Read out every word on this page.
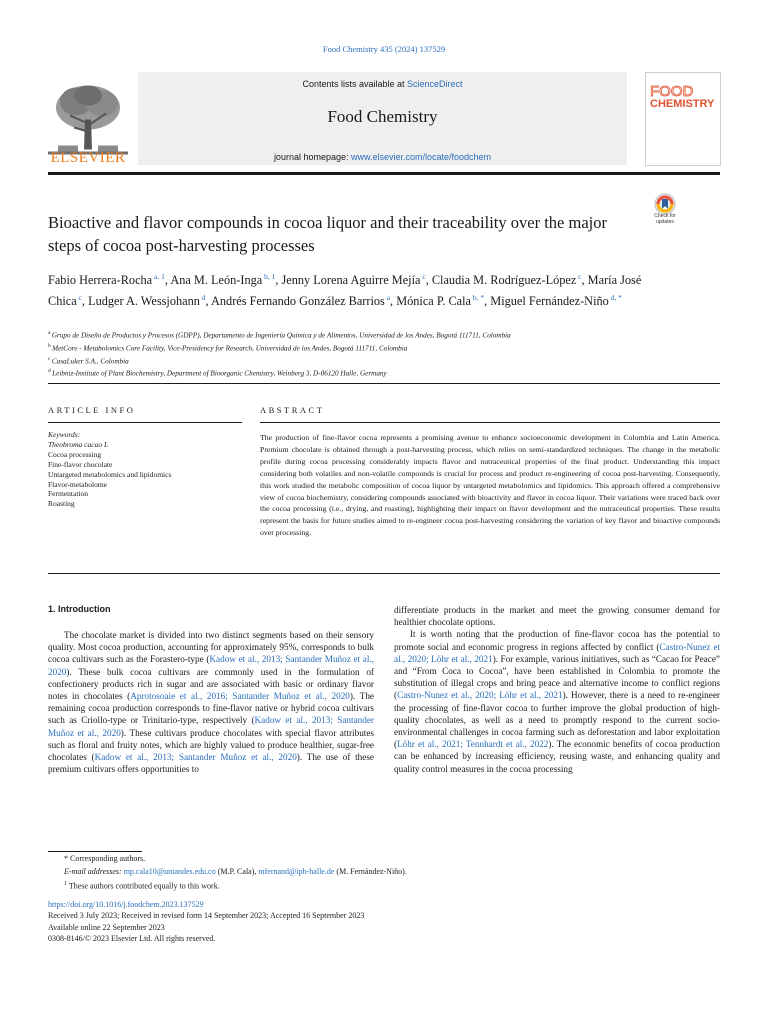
Food Chemistry 435 (2024) 137529
ELSEVIER
Contents lists available at ScienceDirect
Food Chemistry
journal homepage: www.elsevier.com/locate/foodchem
FOOD
CHEMISTRY
Bioactive and flavor compounds in cocoa liquor and their traceability over the major steps of cocoa post-harvesting processes
Check for
updates
Fabio Herrera-Rocha $^{a, 1}$, Ana M. León-Inga $^{b, 1}$, Jenny Lorena Aguirre Mejía $^c$, Claudia M. Rodríguez-López $^c$, María José Chica $^c$, Ludger A. Wessjohann $^d$, Andrés Fernando González Barrios $^a$, Mónica P. Cala $^{b, *}$, Miguel Fernández-Niño $^{d, *}$
$^a$ Grupo de Diseño de Productos y Procesos (GDPP), Departamento de Ingeniería Química y de Alimentos, Universidad de los Andes, Bogotá 111711, Colombia
$^b$ MetCore - Metabolomics Core Facility, Vice-Presidency for Research, Universidad de los Andes, Bogotá 111711, Colombia
$^c$ CasaLuker S.A., Colombia
$^d$ Leibniz-Institute of Plant Biochemistry, Department of Bioorganic Chemistry, Weinberg 3, D-06120 Halle, Germany
ARTICLE INFO	ABSTRACT
Keywords:
Theobroma cacao L
Cocoa processing
Fine-flavor chocolate
Untargeted metabolomics and lipidomics
Flavor-metabolome
Fermentation
Roasting
The production of fine-flavor cocoa represents a promising avenue to enhance socioeconomic development in Colombia and Latin America. Premium chocolate is obtained through a post-harvesting process, which relies on semi-standardized techniques. The change in the metabolic profile during cocoa processing considerably impacts flavor and nutraceutical properties of the final product. Understanding this impact considering both volatiles and non-volatile compounds is crucial for process and product re-engineering of cocoa post-harvesting. Consequently, this work studied the metabolic composition of cocoa liquor by untargeted metabolomics and lipidomics. This approach offered a comprehensive view of cocoa biochemistry, considering compounds associated with bioactivity and flavor in cocoa liquor. Their variations were traced back over the cocoa processing (i.e., drying, and roasting), highlighting their impact on flavor development and the nutraceutical properties. These results represent the basis for future studies aimed to re-engineer cocoa post-harvesting considering the variation of key flavor and bioactive compounds over processing.
1. Introduction

The chocolate market is divided into two distinct segments based on their sensory quality. Most cocoa production, accounting for approximately 95%, corresponds to bulk cocoa cultivars such as the Forastero-type (Kadow et al., 2013; Santander Muñoz et al., 2020). These bulk cocoa cultivars are commonly used in the formulation of confectionery products rich in sugar and are associated with basic or ordinary flavor notes in chocolates (Aprotosoaie et al., 2016; Santander Muñoz et al., 2020). The remaining cocoa production corresponds to fine-flavor native or hybrid cocoa cultivars such as Criollo-type or Trinitario-type, respectively (Kadow et al., 2013; Santander Muñoz et al., 2020). These cultivars produce chocolates with special flavor attributes such as floral and fruity notes, which are highly valued to produce healthier, sugar-free chocolates (Kadow et al., 2013; Santander Muñoz et al., 2020). The use of these premium cultivars offers opportunities to

differentiate products in the market and meet the growing consumer demand for healthier chocolate options.

It is worth noting that the production of fine-flavor cocoa has the potential to promote social and economic progress in regions affected by conflict (Castro-Nunez et al., 2020; Löhr et al., 2021). For example, various initiatives, such as “Cacao for Peace” and “From Coca to Cocoa”, have been established in Colombia to promote the substitution of illegal crops and bring peace and alternative income to conflict regions (Castro-Nunez et al., 2020; Löhr et al., 2021). However, there is a need to re-engineer the processing of fine-flavor cocoa to further improve the global production of high-quality chocolates, as well as a need to promptly respond to the current socio-environmental challenges in cocoa farming such as deforestation and labor exploitation (Löhr et al., 2021; Tennhardt et al., 2022). The economic benefits of cocoa production can be enhanced by increasing efficiency, reusing waste, and enhancing quality and quality control measures in the cocoa processing

* Corresponding authors.
E-mail addresses: mp.cala10@uniandes.edu.co (M.P. Cala), mfernand@ipb-halle.de (M. Fernández-Niño).
$^1$ These authors contributed equally to this work.
https://doi.org/10.1016/j.foodchem.2023.137529
Received 3 July 2023; Received in revised form 14 September 2023; Accepted 16 September 2023
Available online 22 September 2023
0308-8146/© 2023 Elsevier Ltd. All rights reserved.
